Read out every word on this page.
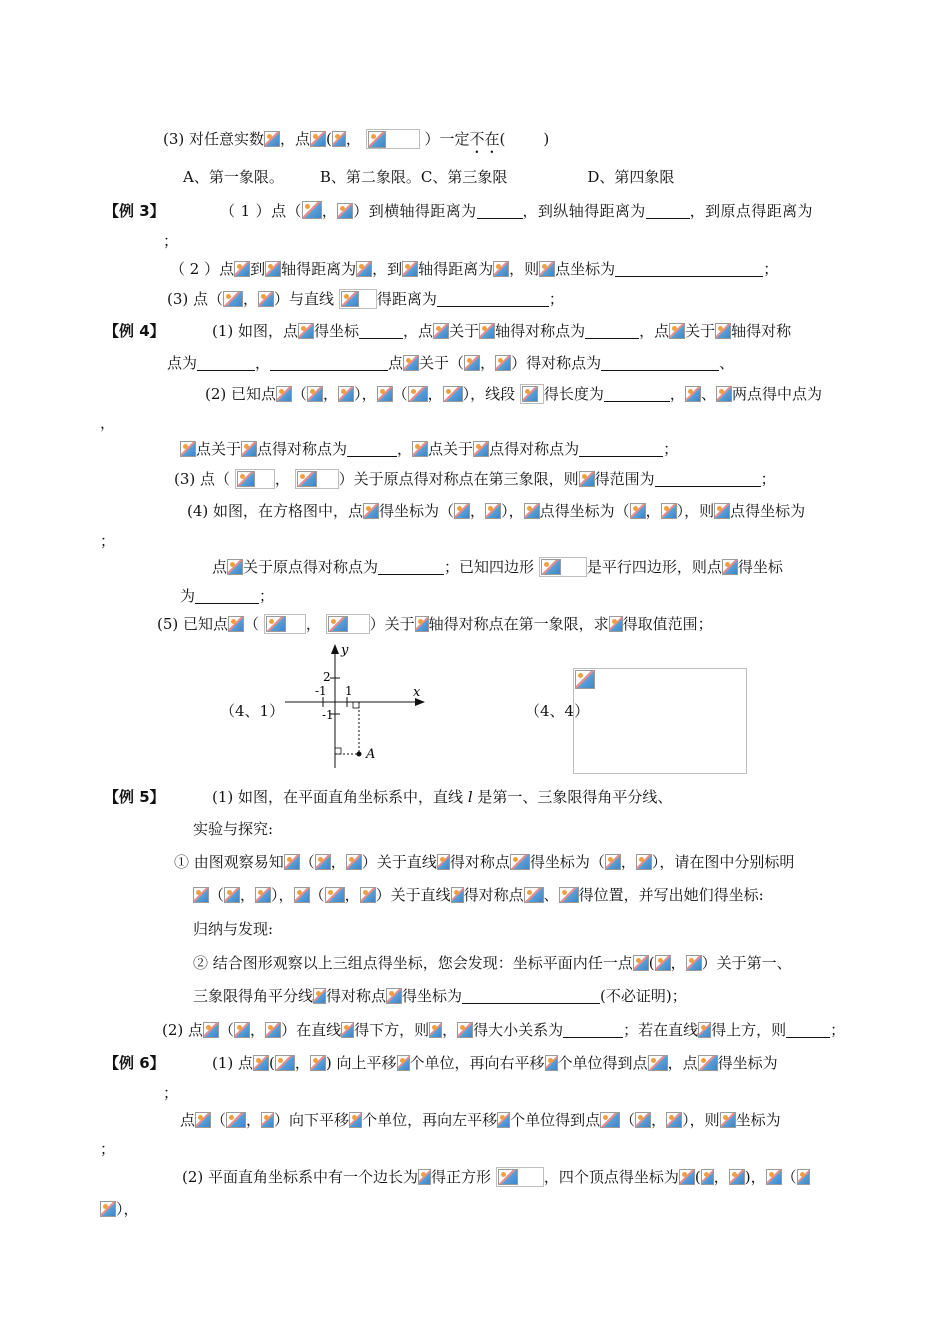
(3) 对任意实数 ，点 ( ，	）一定不在(	)
A、第一象限。 B、第二象限。C、第三象限	D、第四象限
【例 3】	（ 1 ）点（ ， ）到横轴得距离为	，到纵轴得距离为	，到原点得距离为
；
（ 2 ）点 到 轴得距离为 ，到 轴得距离为 ，则 点坐标为	；
(3) 点（ ， ）与直线	得距离为	；
【例 4】	(1) 如图，点 得坐标	，点 关于 轴得对称点为	，点 关于 轴得对称
点为	，	点 关于（ ， ）得对称点为	、
(2) 已知点 （ ， ）， （ ， ），线段 得长度为	， 、 两点得中点为
，
点关于 点得对称点为	， 点关于 点得对称点为	；
(3) 点（	，	）关于原点得对称点在第三象限，则 得范围为	；
(4) 如图，在方格图中，点 得坐标为（ ， ）， 点得坐标为（ ， ），则 点得坐标为
；
点 关于原点得对称点为	；已知四边形	是平行四边形，则点 得坐标
为	；
(5) 已知点 （	，	）关于 轴得对称点在第一象限，求 得取值范围；
（4、1）
y
x
2
-1 1
-1
A
（4、4）
【例 5】	(1) 如图，在平面直角坐标系中，直线 l 是第一、三象限得角平分线、
实验与探究:
① 由图观察易知 （ ， ）关于直线 得对称点 得坐标为（ ， ），请在图中分别标明
（ ， ）， （ ， ）关于直线 得对称点 、 得位置，并写出她们得坐标:
归纳与发现:
② 结合图形观察以上三组点得坐标，您会发现：坐标平面内任一点 ( ， ）关于第一、
三象限得角平分线 得对称点 得坐标为	(不必证明)；
(2) 点 （ ， ）在直线 得下方，则 ， 得大小关系为	；若在直线 得上方，则	；
【例 6】	(1) 点 ( ， ) 向上平移 个单位，再向右平移 个单位得到点 ，点 得坐标为
；
点 （ ， ）向下平移 个单位，再向左平移 个单位得到点 （ ， ），则 坐标为
；
(2) 平面直角坐标系中有一个边长为 得正方形	，四个顶点得坐标为 ( ， )， （
），
